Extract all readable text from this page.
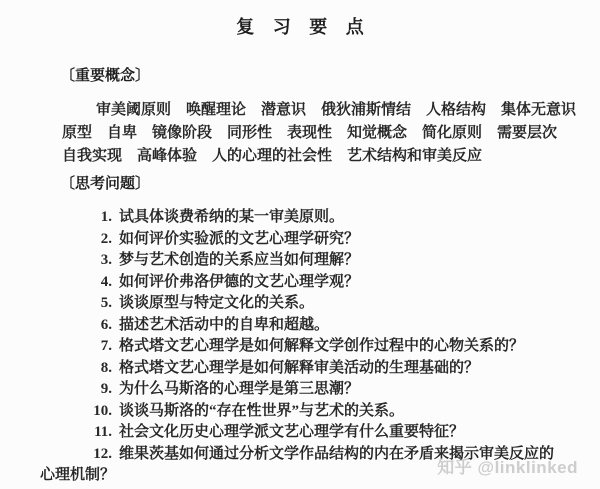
复 习 要 点
〔重要概念〕
审美阈原则　唤醒理论　潜意识　俄狄浦斯情结　人格结构　集体无意识
原型　自卑　镜像阶段　同形性　表现性　知觉概念　简化原则　需要层次
自我实现　高峰体验　人的心理的社会性　艺术结构和审美反应
〔思考问题〕
1. 试具体谈费希纳的某一审美原则。
2. 如何评价实验派的文艺心理学研究？
3. 梦与艺术创造的关系应当如何理解？
4. 如何评价弗洛伊德的文艺心理学观？
5. 谈谈原型与特定文化的关系。
6. 描述艺术活动中的自卑和超越。
7. 格式塔文艺心理学是如何解释文学创作过程中的心物关系的？
8. 格式塔文艺心理学是如何解释审美活动的生理基础的？
9. 为什么马斯洛的心理学是第三思潮？
10. 谈谈马斯洛的“存在性世界”与艺术的关系。
11. 社会文化历史心理学派文艺心理学有什么重要特征？
12. 维果茨基如何通过分析文学作品结构的内在矛盾来揭示审美反应的心理机制？	知乎 @linklinked
